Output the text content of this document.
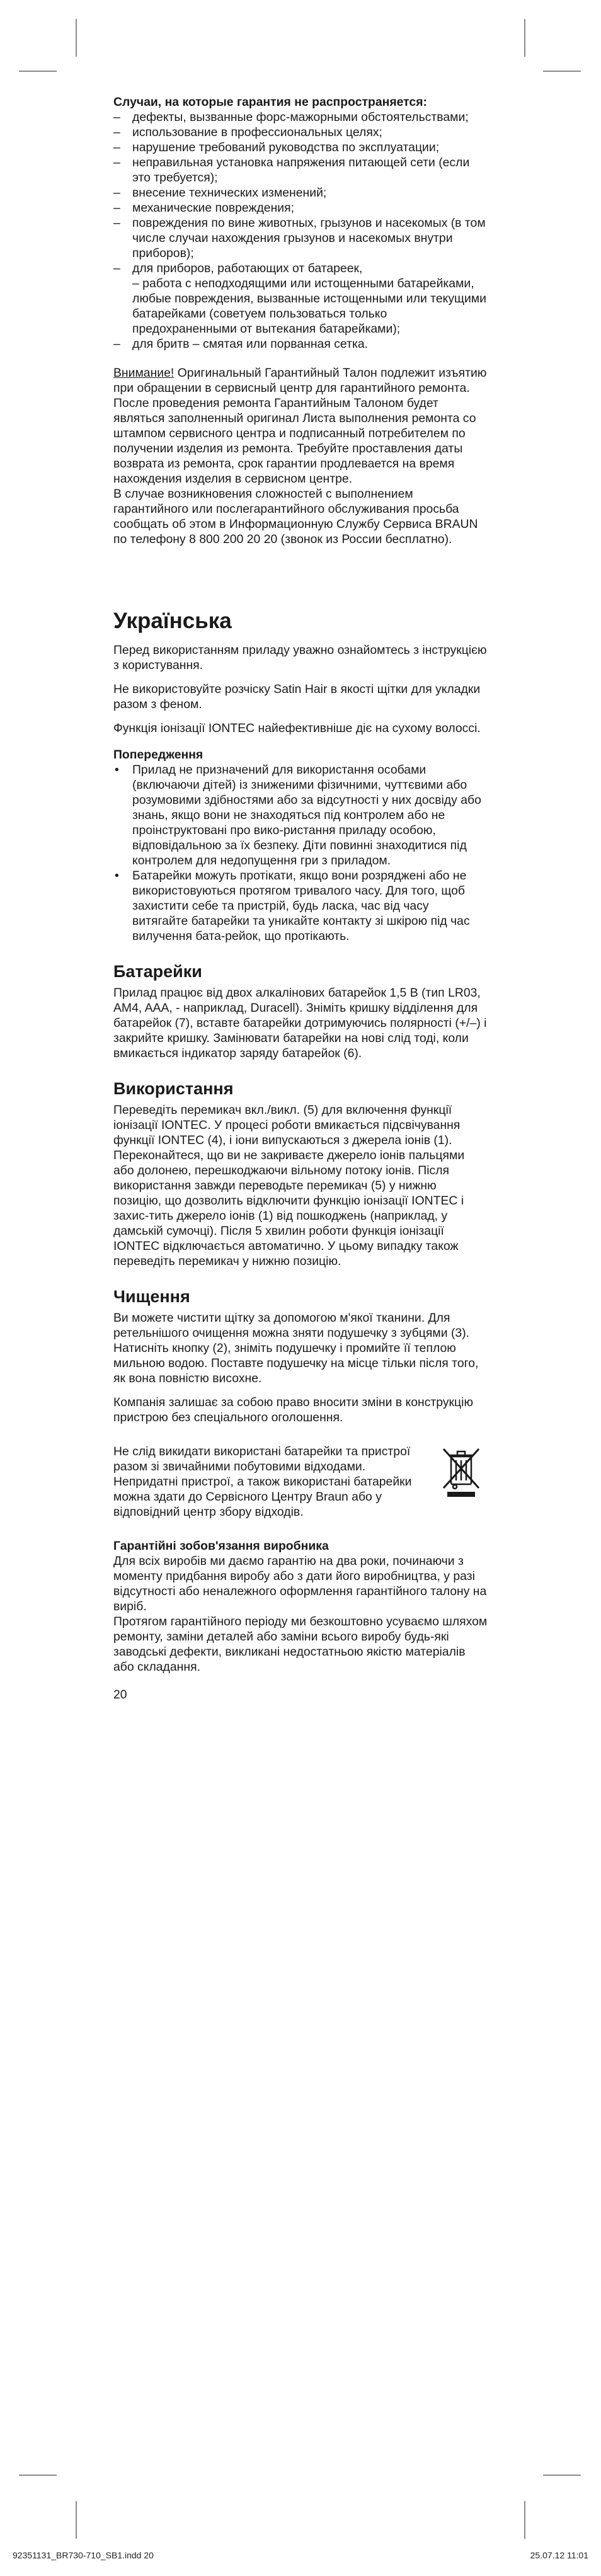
Случаи, на которые гарантия не распространяется:

– дефекты, вызванные форс-мажорными обстоятельствами;
– использование в профессиональных целях;
– нарушение требований руководства по эксплуатации;
– неправильная установка напряжения питающей сети (если это требуется);
– внесение технических изменений;
– механические повреждения;
– повреждения по вине животных, грызунов и насекомых (в том числе случаи нахождения грызунов и насекомых внутри приборов);
– для приборов, работающих от батареек,
– работа с неподходящими или истощенными батарейками, любые повреждения, вызванные истощенными или текущими батарейками (советуем пользоваться только предохраненными от вытекания батарейками);
– для бритв – смятая или порванная сетка.

Внимание! Оригинальный Гарантийный Талон подлежит изъятию при обращении в сервисный центр для гарантийного ремонта. После проведения ремонта Гарантийным Талоном будет являться заполненный оригинал Листа выполнения ремонта со штампом сервисного центра и подписанный потребителем по получении изделия из ремонта. Требуйте проставления даты возврата из ремонта, срок гарантии продлевается на время нахождения изделия в сервисном центре.

В случае возникновения сложностей с выполнением гарантийного или послегарантийного обслуживания просьба сообщать об этом в Информационную Службу Сервиса BRAUN по телефону 8 800 200 20 20 (звонок из России бесплатно).

Українська

Перед використанням приладу уважно ознайомтесь з інструкцією з користування.

Не використовуйте розчіску Satin Hair в якості щітки для укладки разом з феном.

Функція іонізації IONTEC найефективніше діє на сухому волоссі.

Попередження

• Прилад не призначений для використання особами (включаючи дітей) із зниженими фізичними, чуттєвими або розумовими здібностями або за відсутності у них досвіду або знань, якщо вони не знаходяться під контролем або не проінструктовані про вико-ристання приладу особою, відповідальною за їх безпеку. Діти повинні знаходитися під контролем для недопущення гри з приладом.
• Батарейки можуть протікати, якщо вони розряджені або не використовуються протягом тривалого часу. Для того, щоб захистити себе та пристрій, будь ласка, час від часу витягайте батарейки та уникайте контакту зі шкірою під час вилучення бата-рейок, що протікають.
Батарейки

Прилад працює від двох алкалінових батарейок 1,5 В (тип LR03, AM4, AAA, - наприклад, Duracell). Зніміть кришку відділення для батарейок (7), вставте батарейки дотримуючись полярності (+/–) і закрийте кришку. Замінювати батарейки на нові слід тоді, коли вмикається індикатор заряду батарейок (6).

Використання

Переведіть перемикач вкл./викл. (5) для включення функції іонізації IONTEC. У процесі роботи вмикається підсвічування функції IONTEC (4), і іони випускаються з джерела іонів (1). Переконайтеся, що ви не закриваєте джерело іонів пальцями або долонею, перешкоджаючи вільному потоку іонів. Після використання завжди переводьте перемикач (5) у нижню позицію, що дозволить відключити функцію іонізації IONTEC і захис-тить джерело іонів (1) від пошкоджень (наприклад, у дамській сумочці). Після 5 хвилин роботи функція іонізації IONTEC відключається автоматично. У цьому випадку також переведіть перемикач у нижню позицію.

Чищення

Ви можете чистити щітку за допомогою м'якої тканини. Для ретельнішого очищення можна зняти подушечку з зубцями (3). Натисніть кнопку (2), зніміть подушечку і промийте її теплою мильною водою. Поставте подушечку на місце тільки після того, як вона повністю висохне.

Компанія залишає за собою право вносити зміни в конструкцію пристрою без спеціального оголошення.

Не слід викидати використані батарейки та пристрої разом зі звичайними побутовими відходами. Непридатні пристрої, а також використані батарейки можна здати до Сервісного Центру Braun або у відповідний центр збору відходів.

Гарантійні зобов'язання виробника

Для всіх виробів ми даємо гарантію на два роки, починаючи з моменту придбання виробу або з дати його виробництва, у разі відсутності або неналежного оформлення гарантійного талону на виріб.

Протягом гарантійного періоду ми безкоштовно усуваємо шляхом ремонту, заміни деталей або заміни всього виробу будь-які заводські дефекти, викликані недостатньою якістю матеріалів або складання.

20

92351131_BR730-710_SB1.indd 20	25.07.12 11:01
